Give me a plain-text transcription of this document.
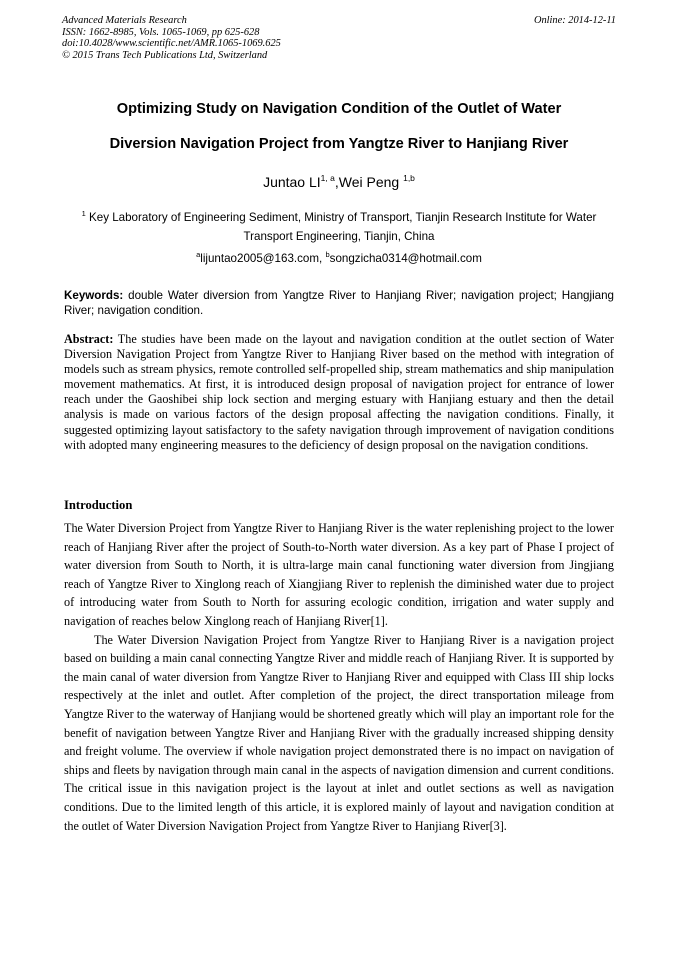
Advanced Materials Research
ISSN: 1662-8985, Vols. 1065-1069, pp 625-628
doi:10.4028/www.scientific.net/AMR.1065-1069.625
© 2015 Trans Tech Publications Ltd, Switzerland
Online: 2014-12-11
Optimizing Study on Navigation Condition of the Outlet of Water
Diversion Navigation Project from Yangtze River to Hanjiang River
Juntao LI$^{1, a}$,Wei Peng $^{1,b}$
$^1$ Key Laboratory of Engineering Sediment, Ministry of Transport, Tianjin Research Institute for Water Transport Engineering, Tianjin, China
$^a$lijuntao2005@163.com, $^b$songzicha0314@hotmail.com
Keywords: double Water diversion from Yangtze River to Hanjiang River; navigation project; Hangjiang River; navigation condition.
Abstract: The studies have been made on the layout and navigation condition at the outlet section of Water Diversion Navigation Project from Yangtze River to Hanjiang River based on the method with integration of models such as stream physics, remote controlled self-propelled ship, stream mathematics and ship manipulation movement mathematics. At first, it is introduced design proposal of navigation project for entrance of lower reach under the Gaoshibei ship lock section and merging estuary with Hanjiang estuary and then the detail analysis is made on various factors of the design proposal affecting the navigation conditions. Finally, it suggested optimizing layout satisfactory to the safety navigation through improvement of navigation conditions with adopted many engineering measures to the deficiency of design proposal on the navigation conditions.
Introduction

The Water Diversion Project from Yangtze River to Hanjiang River is the water replenishing project to the lower reach of Hanjiang River after the project of South-to-North water diversion. As a key part of Phase I project of water diversion from South to North, it is ultra-large main canal functioning water diversion from Jingjiang reach of Yangtze River to Xinglong reach of Xiangjiang River to replenish the diminished water due to project of introducing water from South to North for assuring ecologic condition, irrigation and water supply and navigation of reaches below Xinglong reach of Hanjiang River[1].

The Water Diversion Navigation Project from Yangtze River to Hanjiang River is a navigation project based on building a main canal connecting Yangtze River and middle reach of Hanjiang River. It is supported by the main canal of water diversion from Yangtze River to Hanjiang River and equipped with Class III ship locks respectively at the inlet and outlet. After completion of the project, the direct transportation mileage from Yangtze River to the waterway of Hanjiang would be shortened greatly which will play an important role for the benefit of navigation between Yangtze River and Hanjiang River with the gradually increased shipping density and freight volume. The overview if whole navigation project demonstrated there is no impact on navigation of ships and fleets by navigation through main canal in the aspects of navigation dimension and current conditions. The critical issue in this navigation project is the layout at inlet and outlet sections as well as navigation conditions. Due to the limited length of this article, it is explored mainly of layout and navigation condition at the outlet of Water Diversion Navigation Project from Yangtze River to Hanjiang River[3].
